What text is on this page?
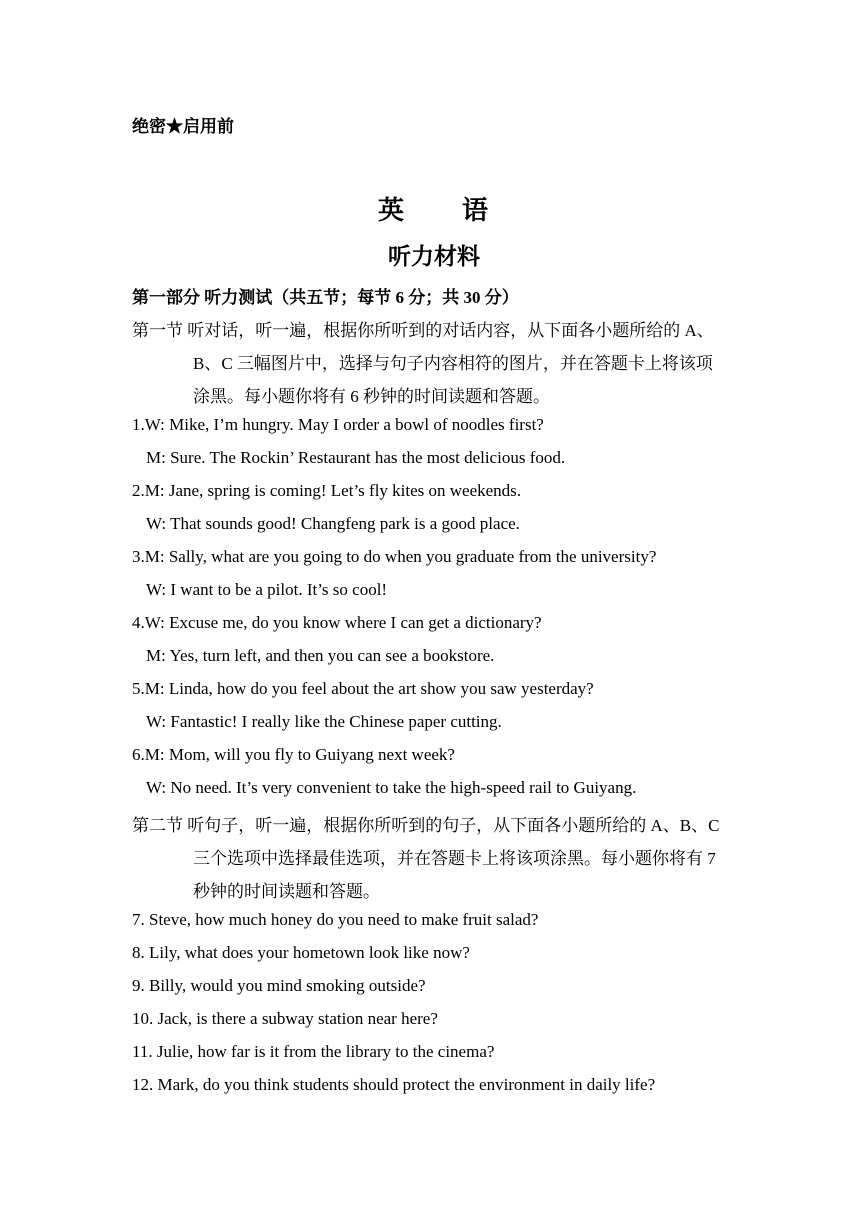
绝密★启用前
英　　语
听力材料
第一部分 听力测试（共五节；每节 6 分；共 30 分）
第一节 听对话，听一遍，根据你所听到的对话内容，从下面各小题所给的 A、
B、C 三幅图片中，选择与句子内容相符的图片，并在答题卡上将该项
涂黑。每小题你将有 6 秒钟的时间读题和答题。
1.W: Mike, I’m hungry. May I order a bowl of noodles first?
M: Sure. The Rockin’ Restaurant has the most delicious food.
2.M: Jane, spring is coming! Let’s fly kites on weekends.
W: That sounds good! Changfeng park is a good place.
3.M: Sally, what are you going to do when you graduate from the university?
W: I want to be a pilot. It’s so cool!
4.W: Excuse me, do you know where I can get a dictionary?
M: Yes, turn left, and then you can see a bookstore.
5.M: Linda, how do you feel about the art show you saw yesterday?
W: Fantastic! I really like the Chinese paper cutting.
6.M: Mom, will you fly to Guiyang next week?
W: No need. It’s very convenient to take the high-speed rail to Guiyang.
第二节 听句子，听一遍，根据你所听到的句子，从下面各小题所给的 A、B、C
三个选项中选择最佳选项，并在答题卡上将该项涂黑。每小题你将有 7
秒钟的时间读题和答题。
7. Steve, how much honey do you need to make fruit salad?
8. Lily, what does your hometown look like now?
9. Billy, would you mind smoking outside?
10. Jack, is there a subway station near here?
11. Julie, how far is it from the library to the cinema?
12. Mark, do you think students should protect the environment in daily life?
